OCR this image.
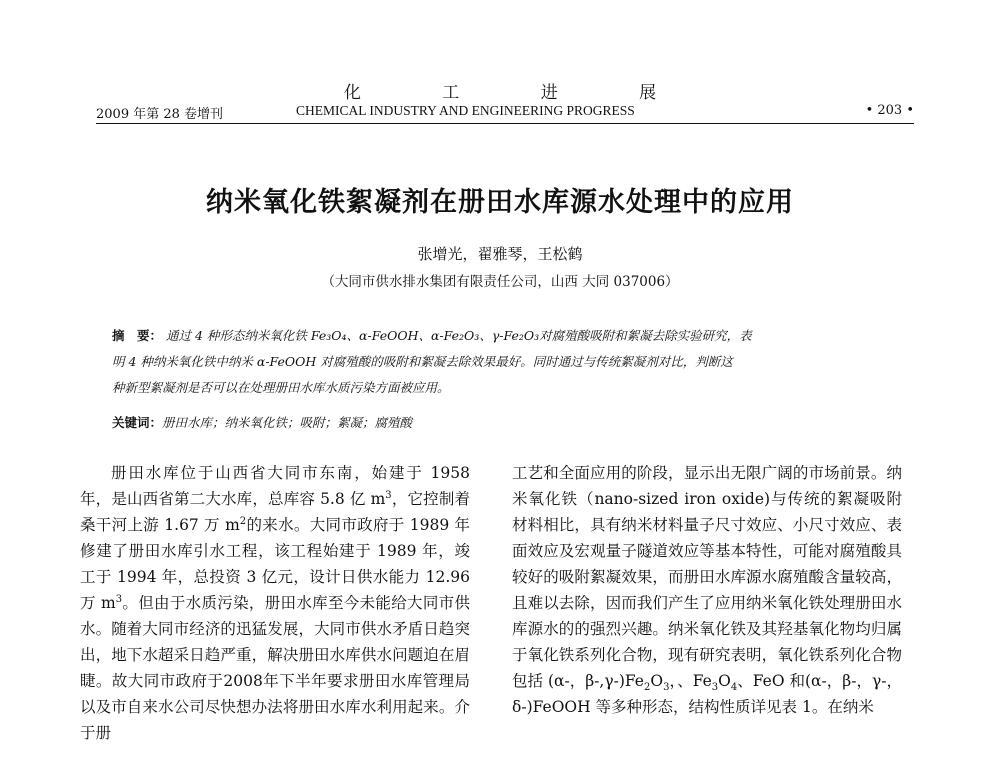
化 工 进 展
2009 年第 28 卷增刊	CHEMICAL INDUSTRY AND ENGINEERING PROGRESS	• 203 •
纳米氧化铁絮凝剂在册田水库源水处理中的应用
张增光，翟雅琴，王松鹤
（大同市供水排水集团有限责任公司，山西 大同 037006）
摘　要： 通过 4 种形态纳米氧化铁 Fe₃O₄、α-FeOOH、α-Fe₂O₃、γ-Fe₂O₃对腐殖酸吸附和絮凝去除实验研究，表
明 4 种纳米氧化铁中纳米 α-FeOOH 对腐殖酸的吸附和絮凝去除效果最好。同时通过与传统絮凝剂对比，判断这
种新型絮凝剂是否可以在处理册田水库水质污染方面被应用。
关键词：册田水库；纳米氧化铁；吸附；絮凝；腐殖酸

册田水库位于山西省大同市东南，始建于 1958 年，是山西省第二大水库，总库容 5.8 亿 $m^3$，它控制着桑干河上游 1.67 万 $m^2$的来水。大同市政府于 1989 年修建了册田水库引水工程，该工程始建于 1989 年，竣工于 1994 年，总投资 3 亿元，设计日供水能力 12.96 万 $m^3$。但由于水质污染，册田水库至今未能给大同市供水。随着大同市经济的迅猛发展，大同市供水矛盾日趋突出，地下水超采日趋严重，解决册田水库供水问题迫在眉睫。故大同市政府于2008年下半年要求册田水库管理局以及市自来水公司尽快想办法将册田水库水利用起来。介于册

工艺和全面应用的阶段，显示出无限广阔的市场前景。纳米氧化铁（nano-sized iron oxide)与传统的絮凝吸附材料相比，具有纳米材料量子尺寸效应、小尺寸效应、表面效应及宏观量子隧道效应等基本特性，可能对腐殖酸具较好的吸附絮凝效果，而册田水库源水腐殖酸含量较高，且难以去除，因而我们产生了应用纳米氧化铁处理册田水库源水的的强烈兴趣。纳米氧化铁及其羟基氧化物均归属于氧化铁系列化合物，现有研究表明，氧化铁系列化合物包括 (α-，$\beta-,\gamma-)Fe_2O_3$，、$Fe_3O_4$、FeO 和(α-，β-，γ-，δ-)FeOOH 等多种形态，结构性质详见表 1。在纳米
